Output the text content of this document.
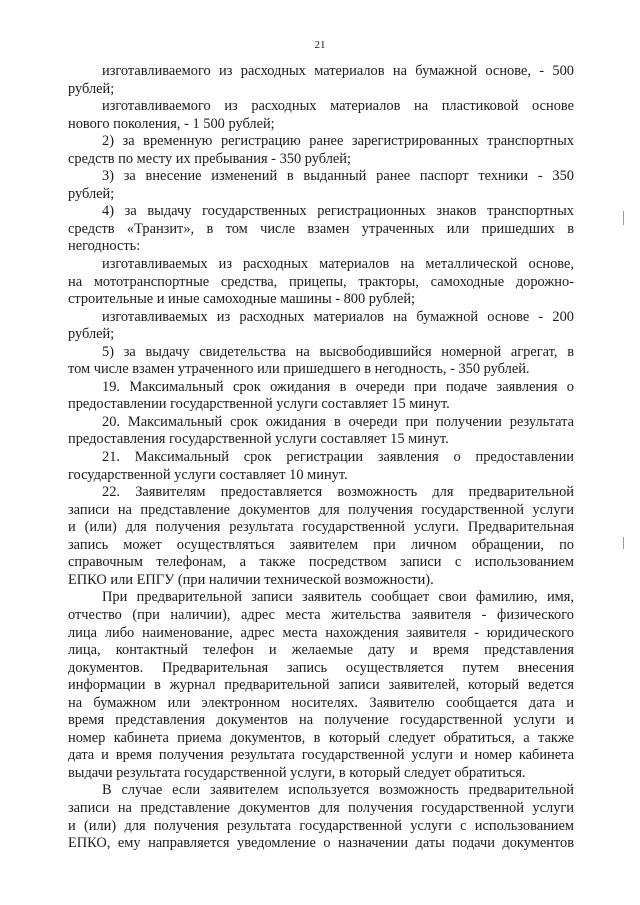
21
изготавливаемого из расходных материалов на бумажной основе, - 500
рублей;
изготавливаемого из расходных материалов на пластиковой основе
нового поколения, - 1 500 рублей;
2) за временную регистрацию ранее зарегистрированных транспортных
средств по месту их пребывания - 350 рублей;
3) за внесение изменений в выданный ранее паспорт техники - 350
рублей;
4) за выдачу государственных регистрационных знаков транспортных
средств «Транзит», в том числе взамен утраченных или пришедших в
негодность:
изготавливаемых из расходных материалов на металлической основе,
на мототранспортные средства, прицепы, тракторы, самоходные дорожно-
строительные и иные самоходные машины - 800 рублей;
изготавливаемых из расходных материалов на бумажной основе - 200
рублей;
5) за выдачу свидетельства на высвободившийся номерной агрегат, в
том числе взамен утраченного или пришедшего в негодность, - 350 рублей.
19. Максимальный срок ожидания в очереди при подаче заявления о
предоставлении государственной услуги составляет 15 минут.
20. Максимальный срок ожидания в очереди при получении результата
предоставления государственной услуги составляет 15 минут.
21. Максимальный срок регистрации заявления о предоставлении
государственной услуги составляет 10 минут.
22. Заявителям предоставляется возможность для предварительной
записи на представление документов для получения государственной услуги
и (или) для получения результата государственной услуги. Предварительная
запись может осуществляться заявителем при личном обращении, по
справочным телефонам, а также посредством записи с использованием
ЕПКО или ЕПГУ (при наличии технической возможности).
При предварительной записи заявитель сообщает свои фамилию, имя,
отчество (при наличии), адрес места жительства заявителя - физического
лица либо наименование, адрес места нахождения заявителя - юридического
лица, контактный телефон и желаемые дату и время представления
документов. Предварительная запись осуществляется путем внесения
информации в журнал предварительной записи заявителей, который ведется
на бумажном или электронном носителях. Заявителю сообщается дата и
время представления документов на получение государственной услуги и
номер кабинета приема документов, в который следует обратиться, а также
дата и время получения результата государственной услуги и номер кабинета
выдачи результата государственной услуги, в который следует обратиться.
В случае если заявителем используется возможность предварительной
записи на представление документов для получения государственной услуги
и (или) для получения результата государственной услуги с использованием
ЕПКО, ему направляется уведомление о назначении даты подачи документов
